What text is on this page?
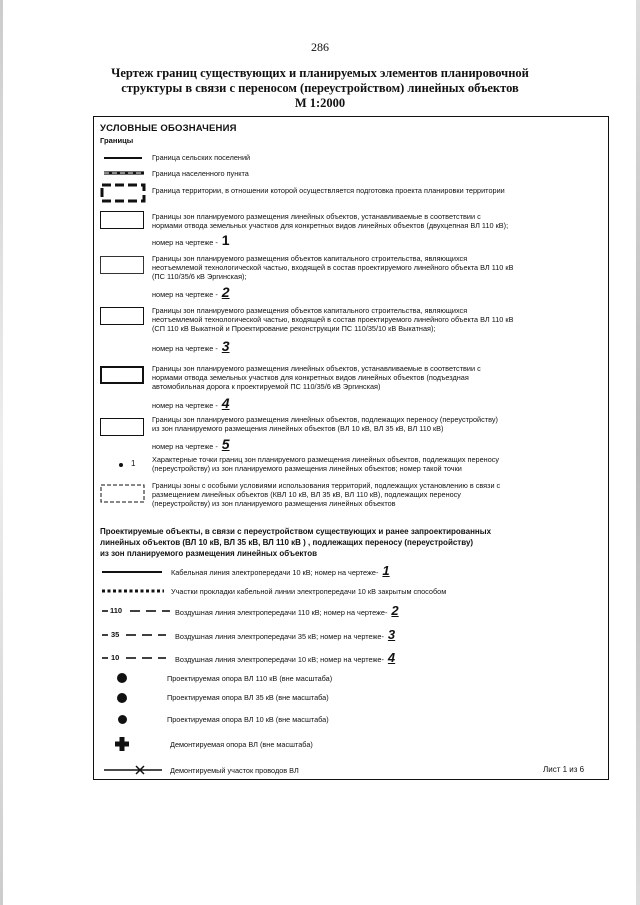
286
Чертеж границ существующих и планируемых элементов планировочной
структуры в связи с переносом (переустройством) линейных объектов
М 1:2000
УСЛОВНЫЕ ОБОЗНАЧЕНИЯ
Границы
Граница сельских поселений
Граница населенного пункта
Граница территории, в отношении которой осуществляется подготовка проекта планировки территории
Границы зон планируемого размещения линейных объектов, устанавливаемые в соответствии с
нормами отвода земельных участков для конкретных видов линейных объектов (двухцепная ВЛ 110 кВ);
номер на чертеже - 1
Границы зон планируемого размещения объектов капитального строительства, являющихся
неотъемлемой технологической частью, входящей в состав проектируемого линейного объекта ВЛ 110 кВ
(ПС 110/35/6 кВ Эргинская);
номер на чертеже - 2
Границы зон планируемого размещения объектов капитального строительства, являющихся
неотъемлемой технологической частью, входящей в состав проектируемого линейного объекта ВЛ 110 кВ
(СП 110 кВ Выкатной и Проектирование реконструкции ПС 110/35/10 кВ Выкатная);
номер на чертеже - 3
Границы зон планируемого размещения линейных объектов, устанавливаемые в соответствии с
нормами отвода земельных участков для конкретных видов линейных объектов (подъездная
автомобильная дорога к проектируемой ПС 110/35/6 кВ Эргинская)
номер на чертеже - 4
Границы зон планируемого размещения линейных объектов, подлежащих переносу (переустройству)
из зон планируемого размещения линейных объектов (ВЛ 10 кВ, ВЛ 35 кВ, ВЛ 110 кВ)
номер на чертеже - 5
1 Характерные точки границ зон планируемого размещения линейных объектов, подлежащих переносу
(переустройству) из зон планируемого размещения линейных объектов; номер такой точки
Границы зоны с особыми условиями использования территорий, подлежащих установлению в связи с
размещением линейных объектов (КВЛ 10 кВ, ВЛ 35 кВ, ВЛ 110 кВ), подлежащих переносу
(переустройству) из зон планируемого размещения линейных объектов
Проектируемые объекты, в связи с переустройством существующих и ранее запроектированных
линейных объектов (ВЛ 10 кВ, ВЛ 35 кВ, ВЛ 110 кВ ) , подлежащих переносу (переустройству)
из зон планируемого размещения линейных объектов
Кабельная линия электропередачи 10 кВ; номер на чертеже- 1
Участки прокладки кабельной линии электропередачи 10 кВ закрытым способом
110	Воздушная линия электропередачи 110 кВ; номер на чертеже- 2
35	Воздушная линия электропередачи 35 кВ; номер на чертеже- 3
10	Воздушная линия электропередачи 10 кВ; номер на чертеже- 4
Проектируемая опора ВЛ 110 кВ (вне масштаба)
Проектируемая опора ВЛ 35 кВ (вне масштаба)
Проектируемая опора ВЛ 10 кВ (вне масштаба)
Демонтируемая опора ВЛ (вне масштаба)
Демонтируемый участок проводов ВЛ	Лист 1 из 6
